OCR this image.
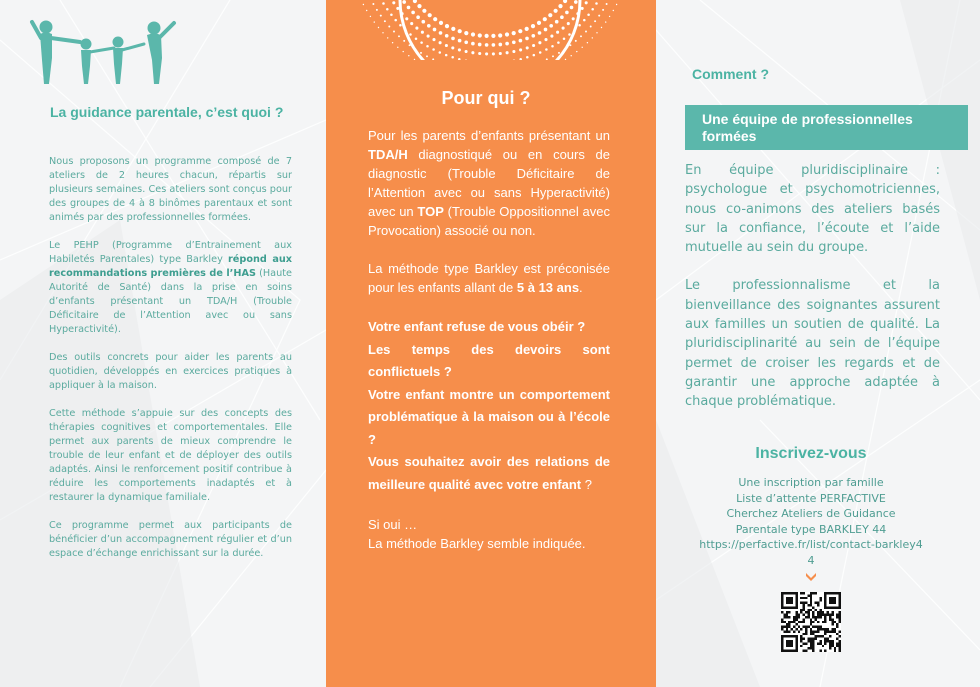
La guidance parentale, c’est quoi ?

Nous proposons un programme composé de 7 ateliers de 2 heures chacun, répartis sur plusieurs semaines. Ces ateliers sont conçus pour des groupes de 4 à 8 binômes parentaux et sont animés par des professionnelles formées.

Le PEHP (Programme d’Entrainement aux Habiletés Parentales) type Barkley répond aux recommandations premières de l’HAS (Haute Autorité de Santé) dans la prise en soins d’enfants présentant un TDA/H (Trouble Déficitaire de l’Attention avec ou sans Hyperactivité).

Des outils concrets pour aider les parents au quotidien, développés en exercices pratiques à appliquer à la maison.

Cette méthode s’appuie sur des concepts des thérapies cognitives et comportementales. Elle permet aux parents de mieux comprendre le trouble de leur enfant et de déployer des outils adaptés. Ainsi le renforcement positif contribue à réduire les comportements inadaptés et à restaurer la dynamique familiale.

Ce programme permet aux participants de bénéficier d’un accompagnement régulier et d’un espace d’échange enrichissant sur la durée.

Pour qui ?

Pour les parents d’enfants présentant un TDA/H diagnostiqué ou en cours de diagnostic (Trouble Déficitaire de l’Attention avec ou sans Hyperactivité) avec un TOP (Trouble Oppositionnel avec Provocation) associé ou non.

La méthode type Barkley est préconisée pour les enfants allant de 5 à 13 ans.

Votre enfant refuse de vous obéir ?

Les temps des devoirs sont conflictuels ?

Votre enfant montre un comportement problématique à la maison ou à l’école ?

Vous souhaitez avoir des relations de meilleure qualité avec votre enfant ?

Si oui …

La méthode Barkley semble indiquée.

Comment ?
Une équipe de professionnelles formées

En équipe pluridisciplinaire : psychologue et psychomotriciennes, nous co-animons des ateliers basés sur la confiance, l’écoute et l’aide mutuelle au sein du groupe.

Le professionnalisme et la bienveillance des soignantes assurent aux familles un soutien de qualité. La pluridisciplinarité au sein de l’équipe permet de croiser les regards et de garantir une approche adaptée à chaque problématique.

Inscrivez-vous
Une inscription par famille
Liste d’attente PERFACTIVE
Cherchez Ateliers de Guidance
Parentale type BARKLEY 44
https://perfactive.fr/list/contact-barkley44
